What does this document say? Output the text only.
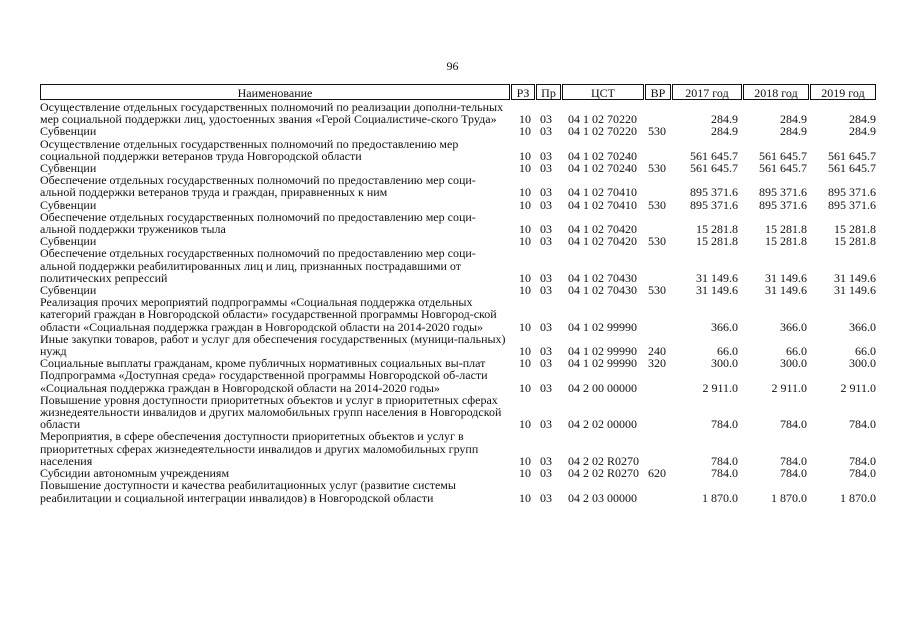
96
Наименование	РЗ Пр	ЦСТ	ВР	2017 год	2018 год	2019 год
Осуществление отдельных государственных полномочий по реализации дополни-тельных мер социальной поддержки лиц, удостоенных звания «Герой Социалистиче-ского Труда»	10 03	04 1 02 70220	284.9	284.9	284.9
Субвенции	10 03	04 1 02 70220 530	284.9	284.9	284.9
Осуществление отдельных государственных полномочий по предоставлению мер социальной поддержки ветеранов труда Новгородской области	10 03	04 1 02 70240	561 645.7	561 645.7	561 645.7
Субвенции	10 03	04 1 02 70240 530	561 645.7	561 645.7	561 645.7
Обеспечение отдельных государственных полномочий по предоставлению мер соци-альной поддержки ветеранов труда и граждан, приравненных к ним	10 03	04 1 02 70410	895 371.6	895 371.6	895 371.6
Субвенции	10 03	04 1 02 70410 530	895 371.6	895 371.6	895 371.6
Обеспечение отдельных государственных полномочий по предоставлению мер соци-альной поддержки тружеников тыла	10 03	04 1 02 70420	15 281.8	15 281.8	15 281.8
Субвенции	10 03	04 1 02 70420 530	15 281.8	15 281.8	15 281.8
Обеспечение отдельных государственных полномочий по предоставлению мер соци-альной поддержки реабилитированных лиц и лиц, признанных пострадавшими от политических репрессий	10 03	04 1 02 70430	31 149.6	31 149.6	31 149.6
Субвенции	10 03	04 1 02 70430 530	31 149.6	31 149.6	31 149.6
Реализация прочих мероприятий подпрограммы «Социальная поддержка отдельных категорий граждан в Новгородской области» государственной программы Новгород-ской области «Социальная поддержка граждан в Новгородской области на 2014-2020 годы»	10 03	04 1 02 99990	366.0	366.0	366.0
Иные закупки товаров, работ и услуг для обеспечения государственных (муници-пальных) нужд	10 03	04 1 02 99990 240	66.0	66.0	66.0
Социальные выплаты гражданам, кроме публичных нормативных социальных вы-плат	10 03	04 1 02 99990 320	300.0	300.0	300.0
Подпрограмма «Доступная среда» государственной программы Новгородской об-ласти «Социальная поддержка граждан в Новгородской области на 2014-2020 годы»	10 03	04 2 00 00000	2 911.0	2 911.0	2 911.0
Повышение уровня доступности приоритетных объектов и услуг в приоритетных сферах жизнедеятельности инвалидов и других маломобильных групп населения в Новгородской области	10 03	04 2 02 00000	784.0	784.0	784.0
Мероприятия, в сфере обеспечения доступности приоритетных объектов и услуг в приоритетных сферах жизнедеятельности инвалидов и других маломобильных групп населения	10 03	04 2 02 R0270	784.0	784.0	784.0
Субсидии автономным учреждениям	10 03	04 2 02 R0270 620	784.0	784.0	784.0
Повышение доступности и качества реабилитационных услуг (развитие системы реабилитации и социальной интеграции инвалидов) в Новгородской области	10 03	04 2 03 00000	1 870.0	1 870.0	1 870.0
